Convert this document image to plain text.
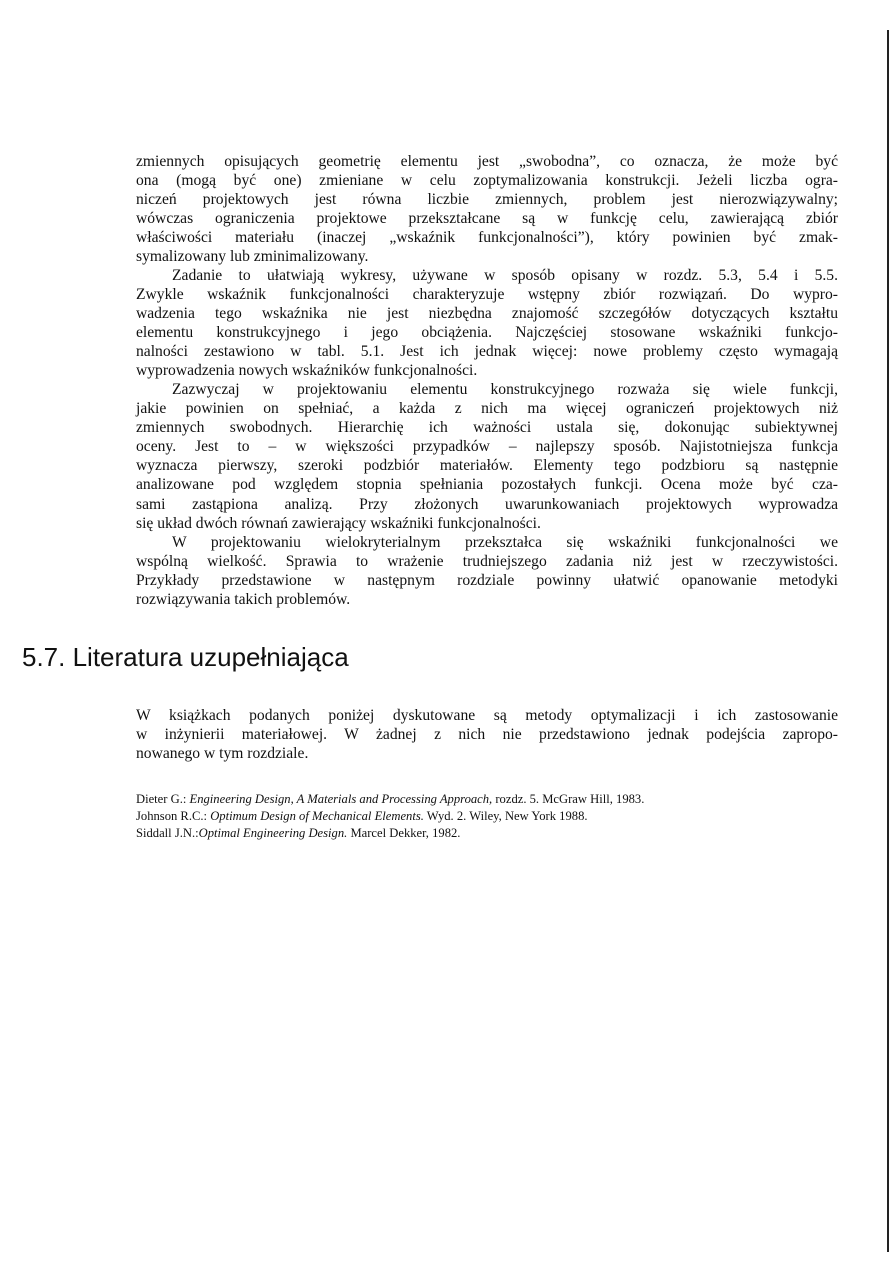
zmiennych opisujących geometrię elementu jest „swobodna”, co oznacza, że może być
ona (mogą być one) zmieniane w celu zoptymalizowania konstrukcji. Jeżeli liczba ogra-
niczeń projektowych jest równa liczbie zmiennych, problem jest nierozwiązywalny;
wówczas ograniczenia projektowe przekształcane są w funkcję celu, zawierającą zbiór
właściwości materiału (inaczej „wskaźnik funkcjonalności”), który powinien być zmak-
symalizowany lub zminimalizowany.
Zadanie to ułatwiają wykresy, używane w sposób opisany w rozdz. 5.3, 5.4 i 5.5.
Zwykle wskaźnik funkcjonalności charakteryzuje wstępny zbiór rozwiązań. Do wypro-
wadzenia tego wskaźnika nie jest niezbędna znajomość szczegółów dotyczących kształtu
elementu konstrukcyjnego i jego obciążenia. Najczęściej stosowane wskaźniki funkcjo-
nalności zestawiono w tabl. 5.1. Jest ich jednak więcej: nowe problemy często wymagają
wyprowadzenia nowych wskaźników funkcjonalności.
Zazwyczaj w projektowaniu elementu konstrukcyjnego rozważa się wiele funkcji,
jakie powinien on spełniać, a każda z nich ma więcej ograniczeń projektowych niż
zmiennych swobodnych. Hierarchię ich ważności ustala się, dokonując subiektywnej
oceny. Jest to – w większości przypadków – najlepszy sposób. Najistotniejsza funkcja
wyznacza pierwszy, szeroki podzbiór materiałów. Elementy tego podzbioru są następnie
analizowane pod względem stopnia spełniania pozostałych funkcji. Ocena może być cza-
sami zastąpiona analizą. Przy złożonych uwarunkowaniach projektowych wyprowadza
się układ dwóch równań zawierający wskaźniki funkcjonalności.
W projektowaniu wielokryterialnym przekształca się wskaźniki funkcjonalności we
wspólną wielkość. Sprawia to wrażenie trudniejszego zadania niż jest w rzeczywistości.
Przykłady przedstawione w następnym rozdziale powinny ułatwić opanowanie metodyki
rozwiązywania takich problemów.
5.7. Literatura uzupełniająca
W książkach podanych poniżej dyskutowane są metody optymalizacji i ich zastosowanie
w inżynierii materiałowej. W żadnej z nich nie przedstawiono jednak podejścia zapropo-
nowanego w tym rozdziale.
Dieter G.: Engineering Design, A Materials and Processing Approach, rozdz. 5. McGraw Hill, 1983.
Johnson R.C.: Optimum Design of Mechanical Elements. Wyd. 2. Wiley, New York 1988.
Siddall J.N.:Optimal Engineering Design. Marcel Dekker, 1982.
